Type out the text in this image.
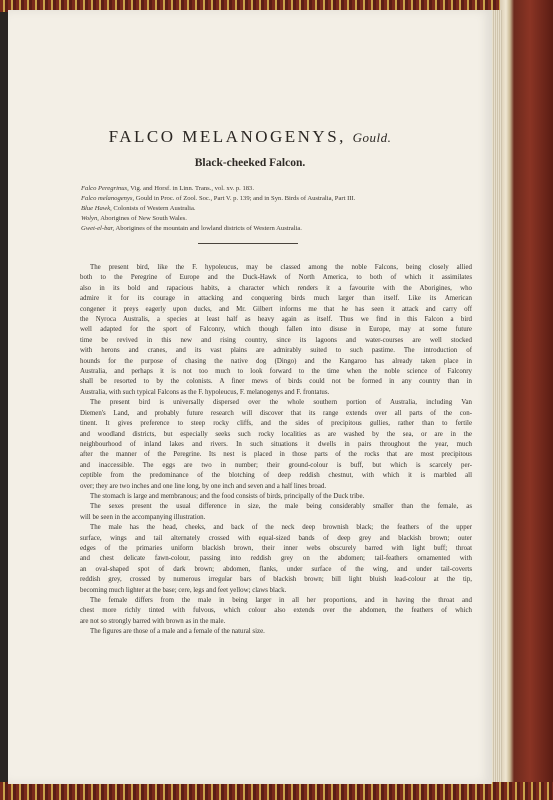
FALCO MELANOGENYS, Gould.
Black-cheeked Falcon.
Falco Peregrinus, Vig. and Horsf. in Linn. Trans., vol. xv. p. 183.
Falco melanogenys, Gould in Proc. of Zool. Soc., Part V. p. 139; and in Syn. Birds of Australia, Part III.
Blue Hawk, Colonists of Western Australia.
Wolyn, Aborigines of New South Wales.
Gwet-el-bar, Aborigines of the mountain and lowland districts of Western Australia.
The present bird, like the F. hypoleucus, may be classed among the noble Falcons, being closely allied
both to the Peregrine of Europe and the Duck-Hawk of North America, to both of which it assimilates
also in its bold and rapacious habits, a character which renders it a favourite with the Aborigines, who
admire it for its courage in attacking and conquering birds much larger than itself. Like its American
congener it preys eagerly upon ducks, and Mr. Gilbert informs me that he has seen it attack and carry off
the Nyroca Australis, a species at least half as heavy again as itself. Thus we find in this Falcon a bird
well adapted for the sport of Falconry, which though fallen into disuse in Europe, may at some future
time be revived in this new and rising country, since its lagoons and water-courses are well stocked
with herons and cranes, and its vast plains are admirably suited to such pastime. The introduction of
hounds for the purpose of chasing the native dog (Dingo) and the Kangaroo has already taken place in
Australia, and perhaps it is not too much to look forward to the time when the noble science of Falconry
shall be resorted to by the colonists. A finer mews of birds could not be formed in any country than in
Australia, with such typical Falcons as the F. hypoleucus, F. melanogenys and F. frontatus.
The present bird is universally dispersed over the whole southern portion of Australia, including Van
Diemen's Land, and probably future research will discover that its range extends over all parts of the con-
tinent. It gives preference to steep rocky cliffs, and the sides of precipitous gullies, rather than to fertile
and woodland districts, but especially seeks such rocky localities as are washed by the sea, or are in the
neighbourhood of inland lakes and rivers. In such situations it dwells in pairs throughout the year, much
after the manner of the Peregrine. Its nest is placed in those parts of the rocks that are most precipitous
and inaccessible. The eggs are two in number; their ground-colour is buff, but which is scarcely per-
ceptible from the predominance of the blotching of deep reddish chestnut, with which it is marbled all
over; they are two inches and one line long, by one inch and seven and a half lines broad.
The stomach is large and membranous; and the food consists of birds, principally of the Duck tribe.
The sexes present the usual difference in size, the male being considerably smaller than the female, as
will be seen in the accompanying illustration.
The male has the head, cheeks, and back of the neck deep brownish black; the feathers of the upper
surface, wings and tail alternately crossed with equal-sized bands of deep grey and blackish brown; outer
edges of the primaries uniform blackish brown, their inner webs obscurely barred with light buff; throat
and chest delicate fawn-colour, passing into reddish grey on the abdomen; tail-feathers ornamented with
an oval-shaped spot of dark brown; abdomen, flanks, under surface of the wing, and under tail-coverts
reddish grey, crossed by numerous irregular bars of blackish brown; bill light bluish lead-colour at the tip,
becoming much lighter at the base; cere, legs and feet yellow; claws black.
The female differs from the male in being larger in all her proportions, and in having the throat and
chest more richly tinted with fulvous, which colour also extends over the abdomen, the feathers of which
are not so strongly barred with brown as in the male.
The figures are those of a male and a female of the natural size.
